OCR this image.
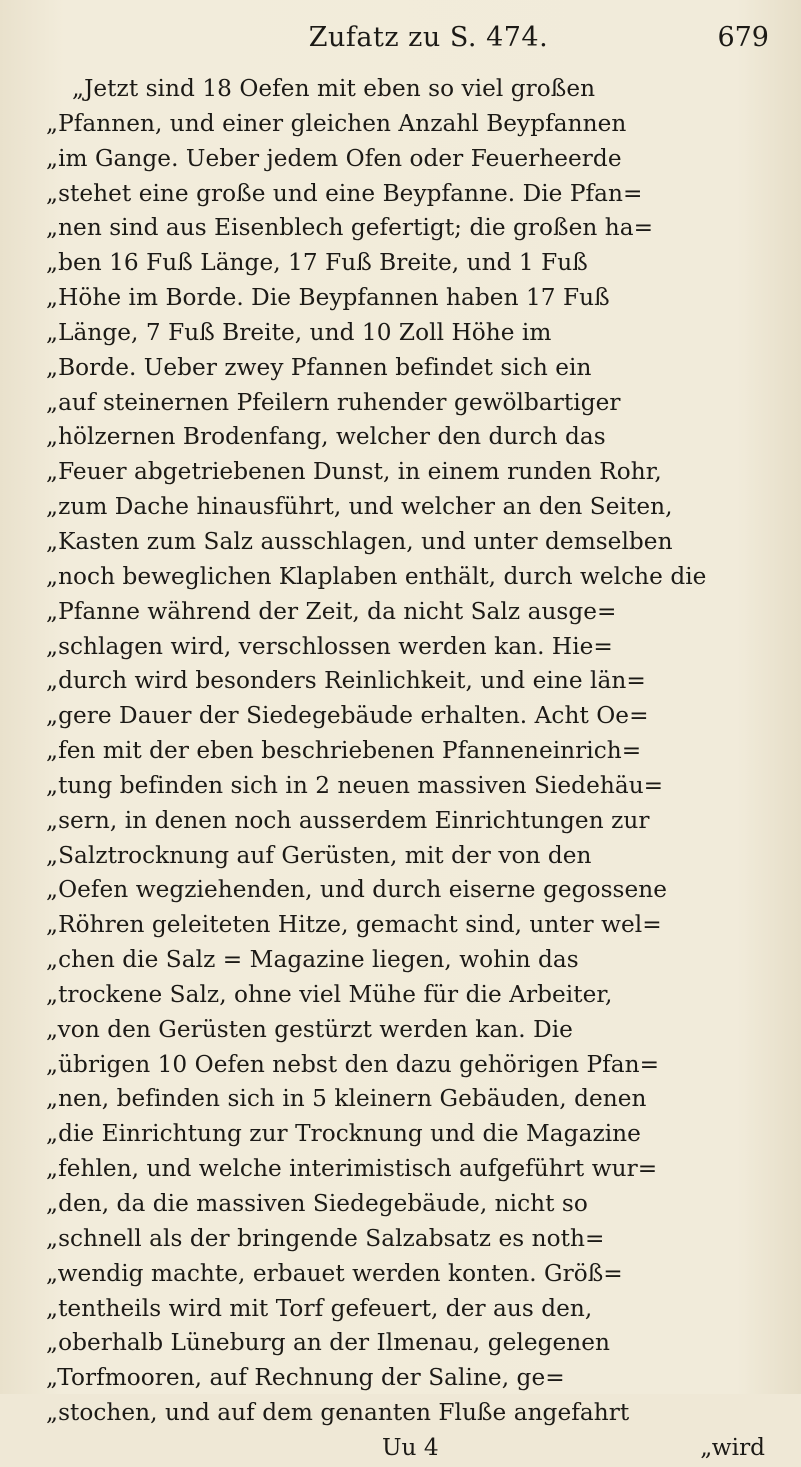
Zufatz zu S. 474.	679
„Jetzt sind 18 Oefen mit eben so viel großen
„Pfannen, und einer gleichen Anzahl Beypfannen
„im Gange. Ueber jedem Ofen oder Feuerheerde
„stehet eine große und eine Beypfanne. Die Pfan=
„nen sind aus Eisenblech gefertigt; die großen ha=
„ben 16 Fuß Länge, 17 Fuß Breite, und 1 Fuß
„Höhe im Borde. Die Beypfannen haben 17 Fuß
„Länge, 7 Fuß Breite, und 10 Zoll Höhe im
„Borde. Ueber zwey Pfannen befindet sich ein
„auf steinernen Pfeilern ruhender gewölbartiger
„hölzernen Brodenfang, welcher den durch das
„Feuer abgetriebenen Dunst, in einem runden Rohr,
„zum Dache hinausführt, und welcher an den Seiten,
„Kasten zum Salz ausschlagen, und unter demselben
„noch beweglichen Klaplaben enthält, durch welche die
„Pfanne während der Zeit, da nicht Salz ausge=
„schlagen wird, verschlossen werden kan. Hie=
„durch wird besonders Reinlichkeit, und eine län=
„gere Dauer der Siedegebäude erhalten. Acht Oe=
„fen mit der eben beschriebenen Pfanneneinrich=
„tung befinden sich in 2 neuen massiven Siedehäu=
„sern, in denen noch ausserdem Einrichtungen zur
„Salztrocknung auf Gerüsten, mit der von den
„Oefen wegziehenden, und durch eiserne gegossene
„Röhren geleiteten Hitze, gemacht sind, unter wel=
„chen die Salz = Magazine liegen, wohin das
„trockene Salz, ohne viel Mühe für die Arbeiter,
„von den Gerüsten gestürzt werden kan. Die
„übrigen 10 Oefen nebst den dazu gehörigen Pfan=
„nen, befinden sich in 5 kleinern Gebäuden, denen
„die Einrichtung zur Trocknung und die Magazine
„fehlen, und welche interimistisch aufgeführt wur=
„den, da die massiven Siedegebäude, nicht so
„schnell als der bringende Salzabsatz es noth=
„wendig machte, erbauet werden konten. Größ=
„tentheils wird mit Torf gefeuert, der aus den,
„oberhalb Lüneburg an der Ilmenau, gelegenen
„Torfmooren, auf Rechnung der Saline, ge=
„stochen, und auf dem genanten Fluße angefahrt
Uu 4	„wird
